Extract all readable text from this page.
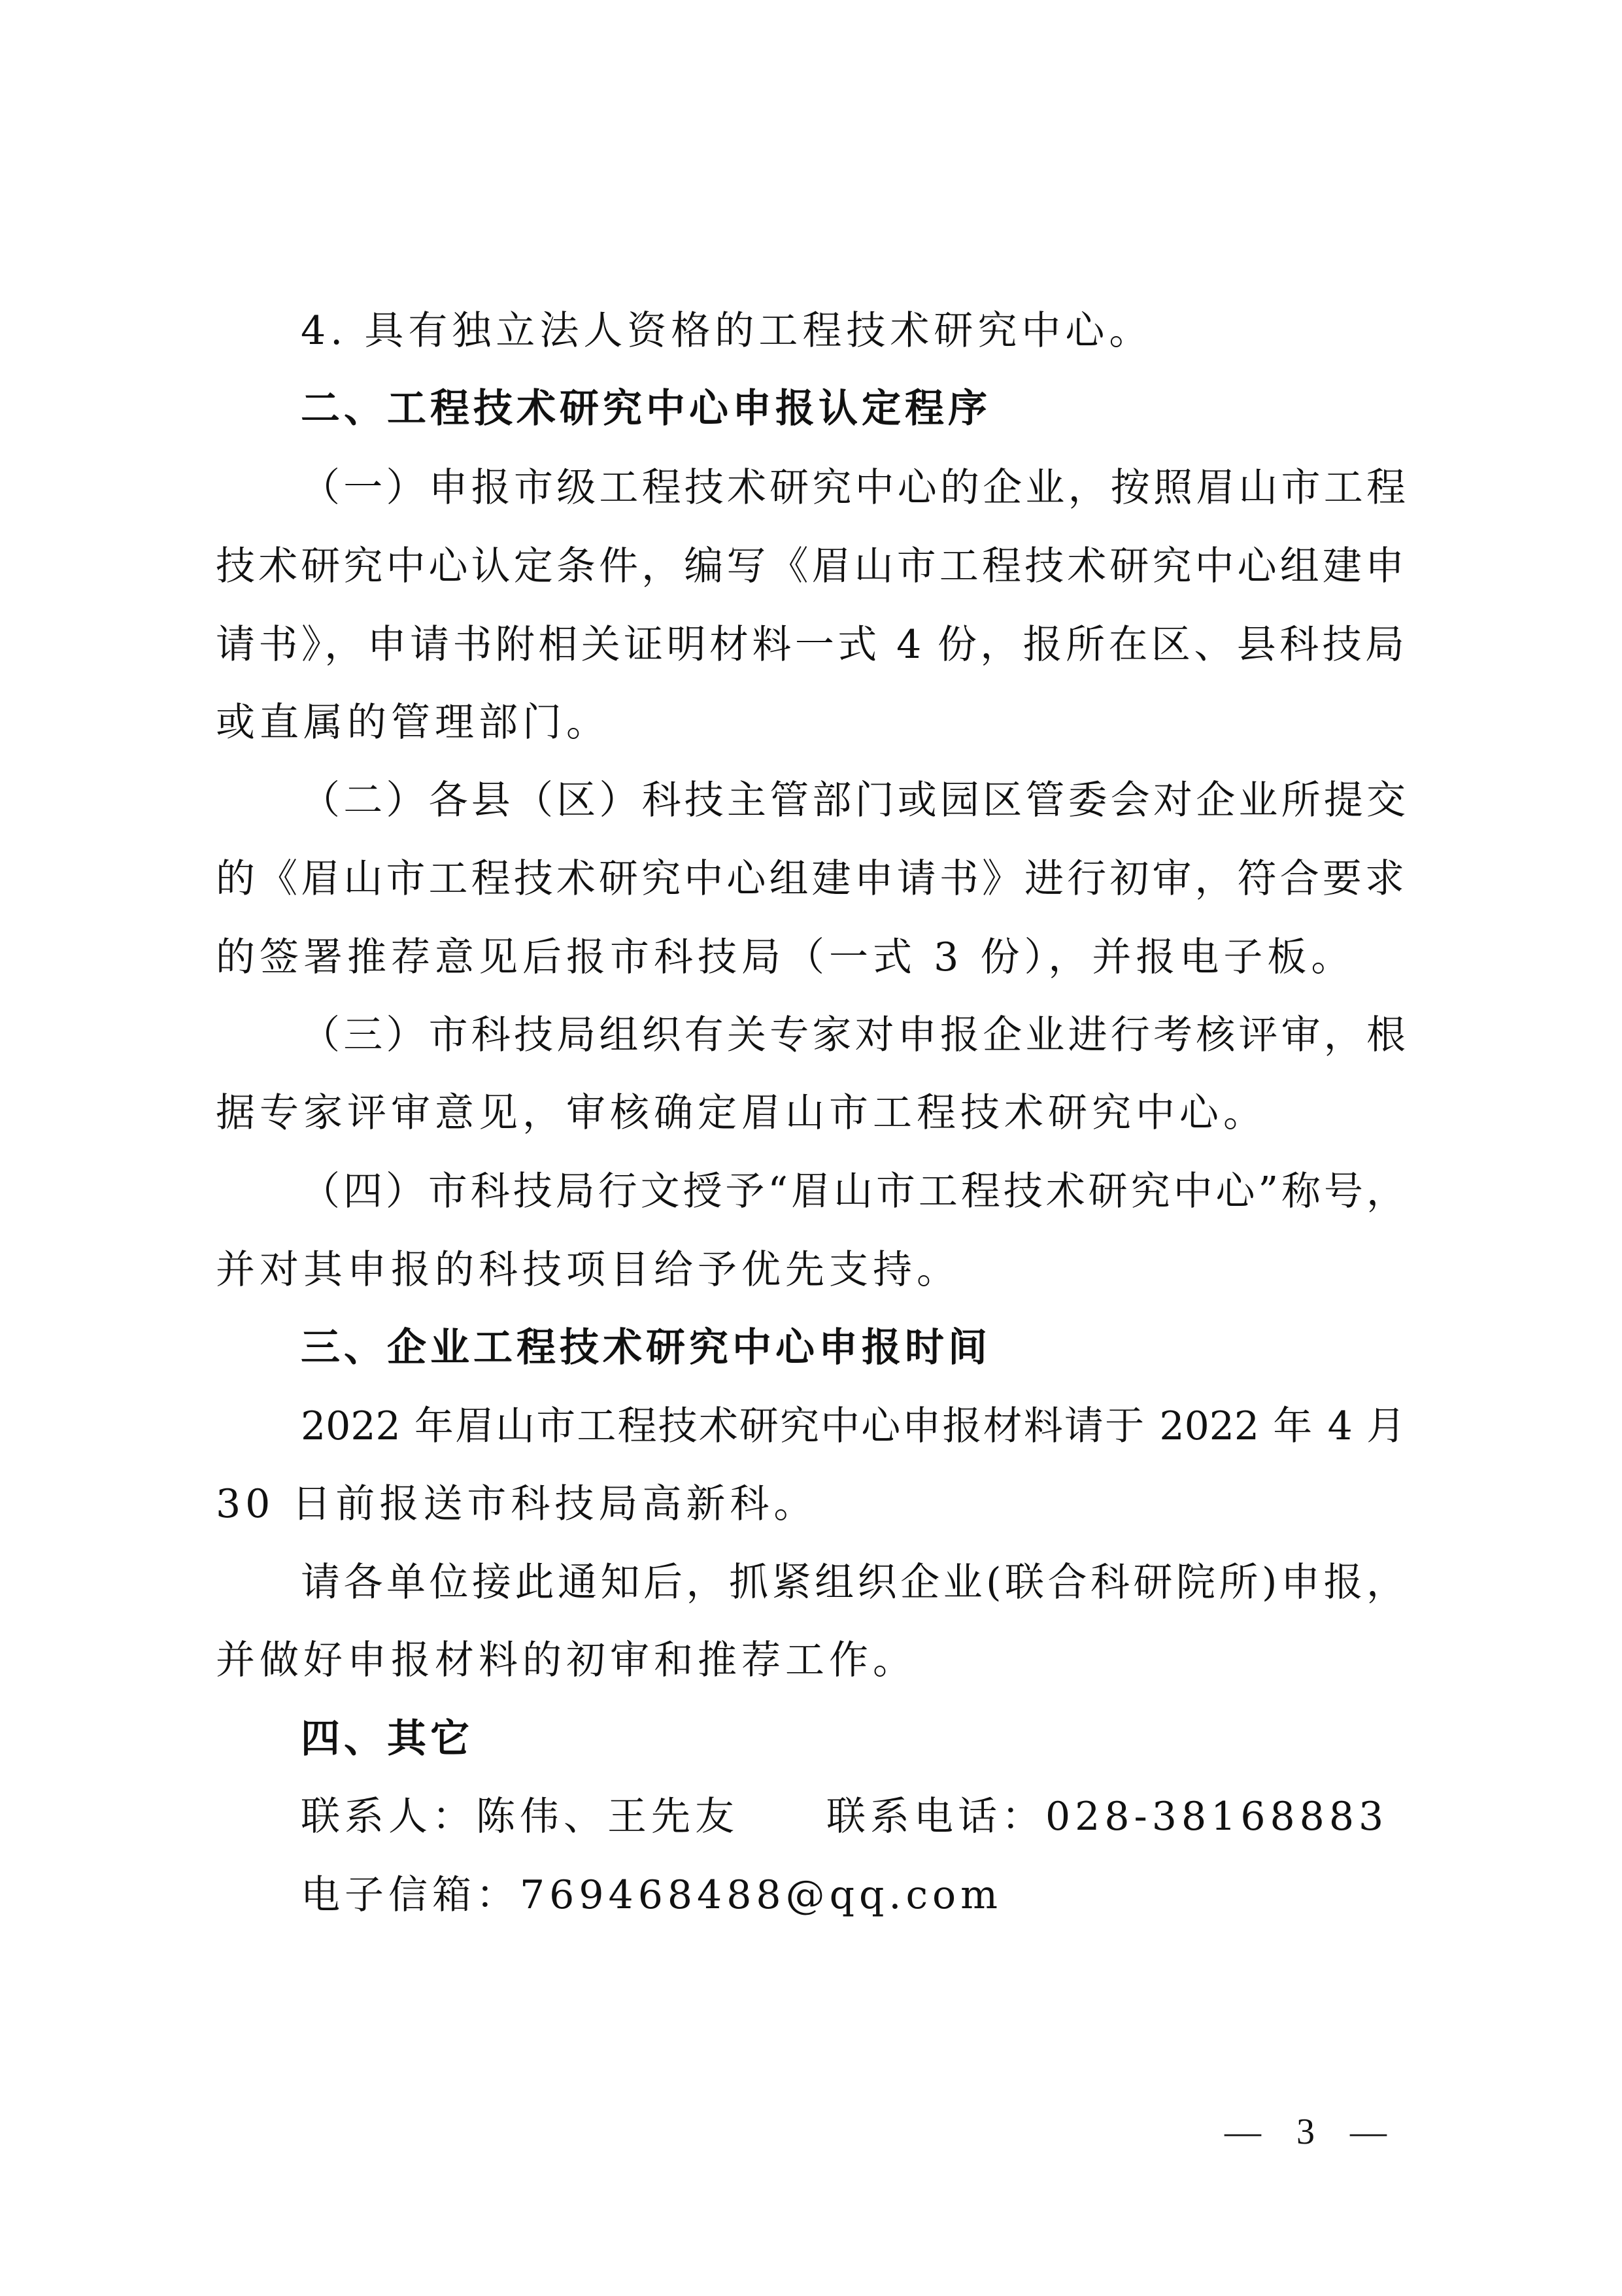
4. 具有独立法人资格的工程技术研究中心。
二、工程技术研究中心申报认定程序
（一）申报市级工程技术研究中心的企业，按照眉山市工程
技术研究中心认定条件，编写《眉山市工程技术研究中心组建申
请书》，申请书附相关证明材料一式 4 份，报所在区、县科技局
或直属的管理部门。
（二）各县（区）科技主管部门或园区管委会对企业所提交
的《眉山市工程技术研究中心组建申请书》进行初审，符合要求
的签署推荐意见后报市科技局（一式 3 份），并报电子板。
（三）市科技局组织有关专家对申报企业进行考核评审，根
据专家评审意见，审核确定眉山市工程技术研究中心。
（四）市科技局行文授予“眉山市工程技术研究中心”称号，
并对其申报的科技项目给予优先支持。
三、企业工程技术研究中心申报时间
2022 年眉山市工程技术研究中心申报材料请于 2022 年 4 月
30 日前报送市科技局高新科。
请各单位接此通知后，抓紧组织企业(联合科研院所)申报，
并做好申报材料的初审和推荐工作。
四、其它
联系人：陈伟、王先友　　联系电话：028-38168883
电子信箱：769468488@qq.com
— 3 —
